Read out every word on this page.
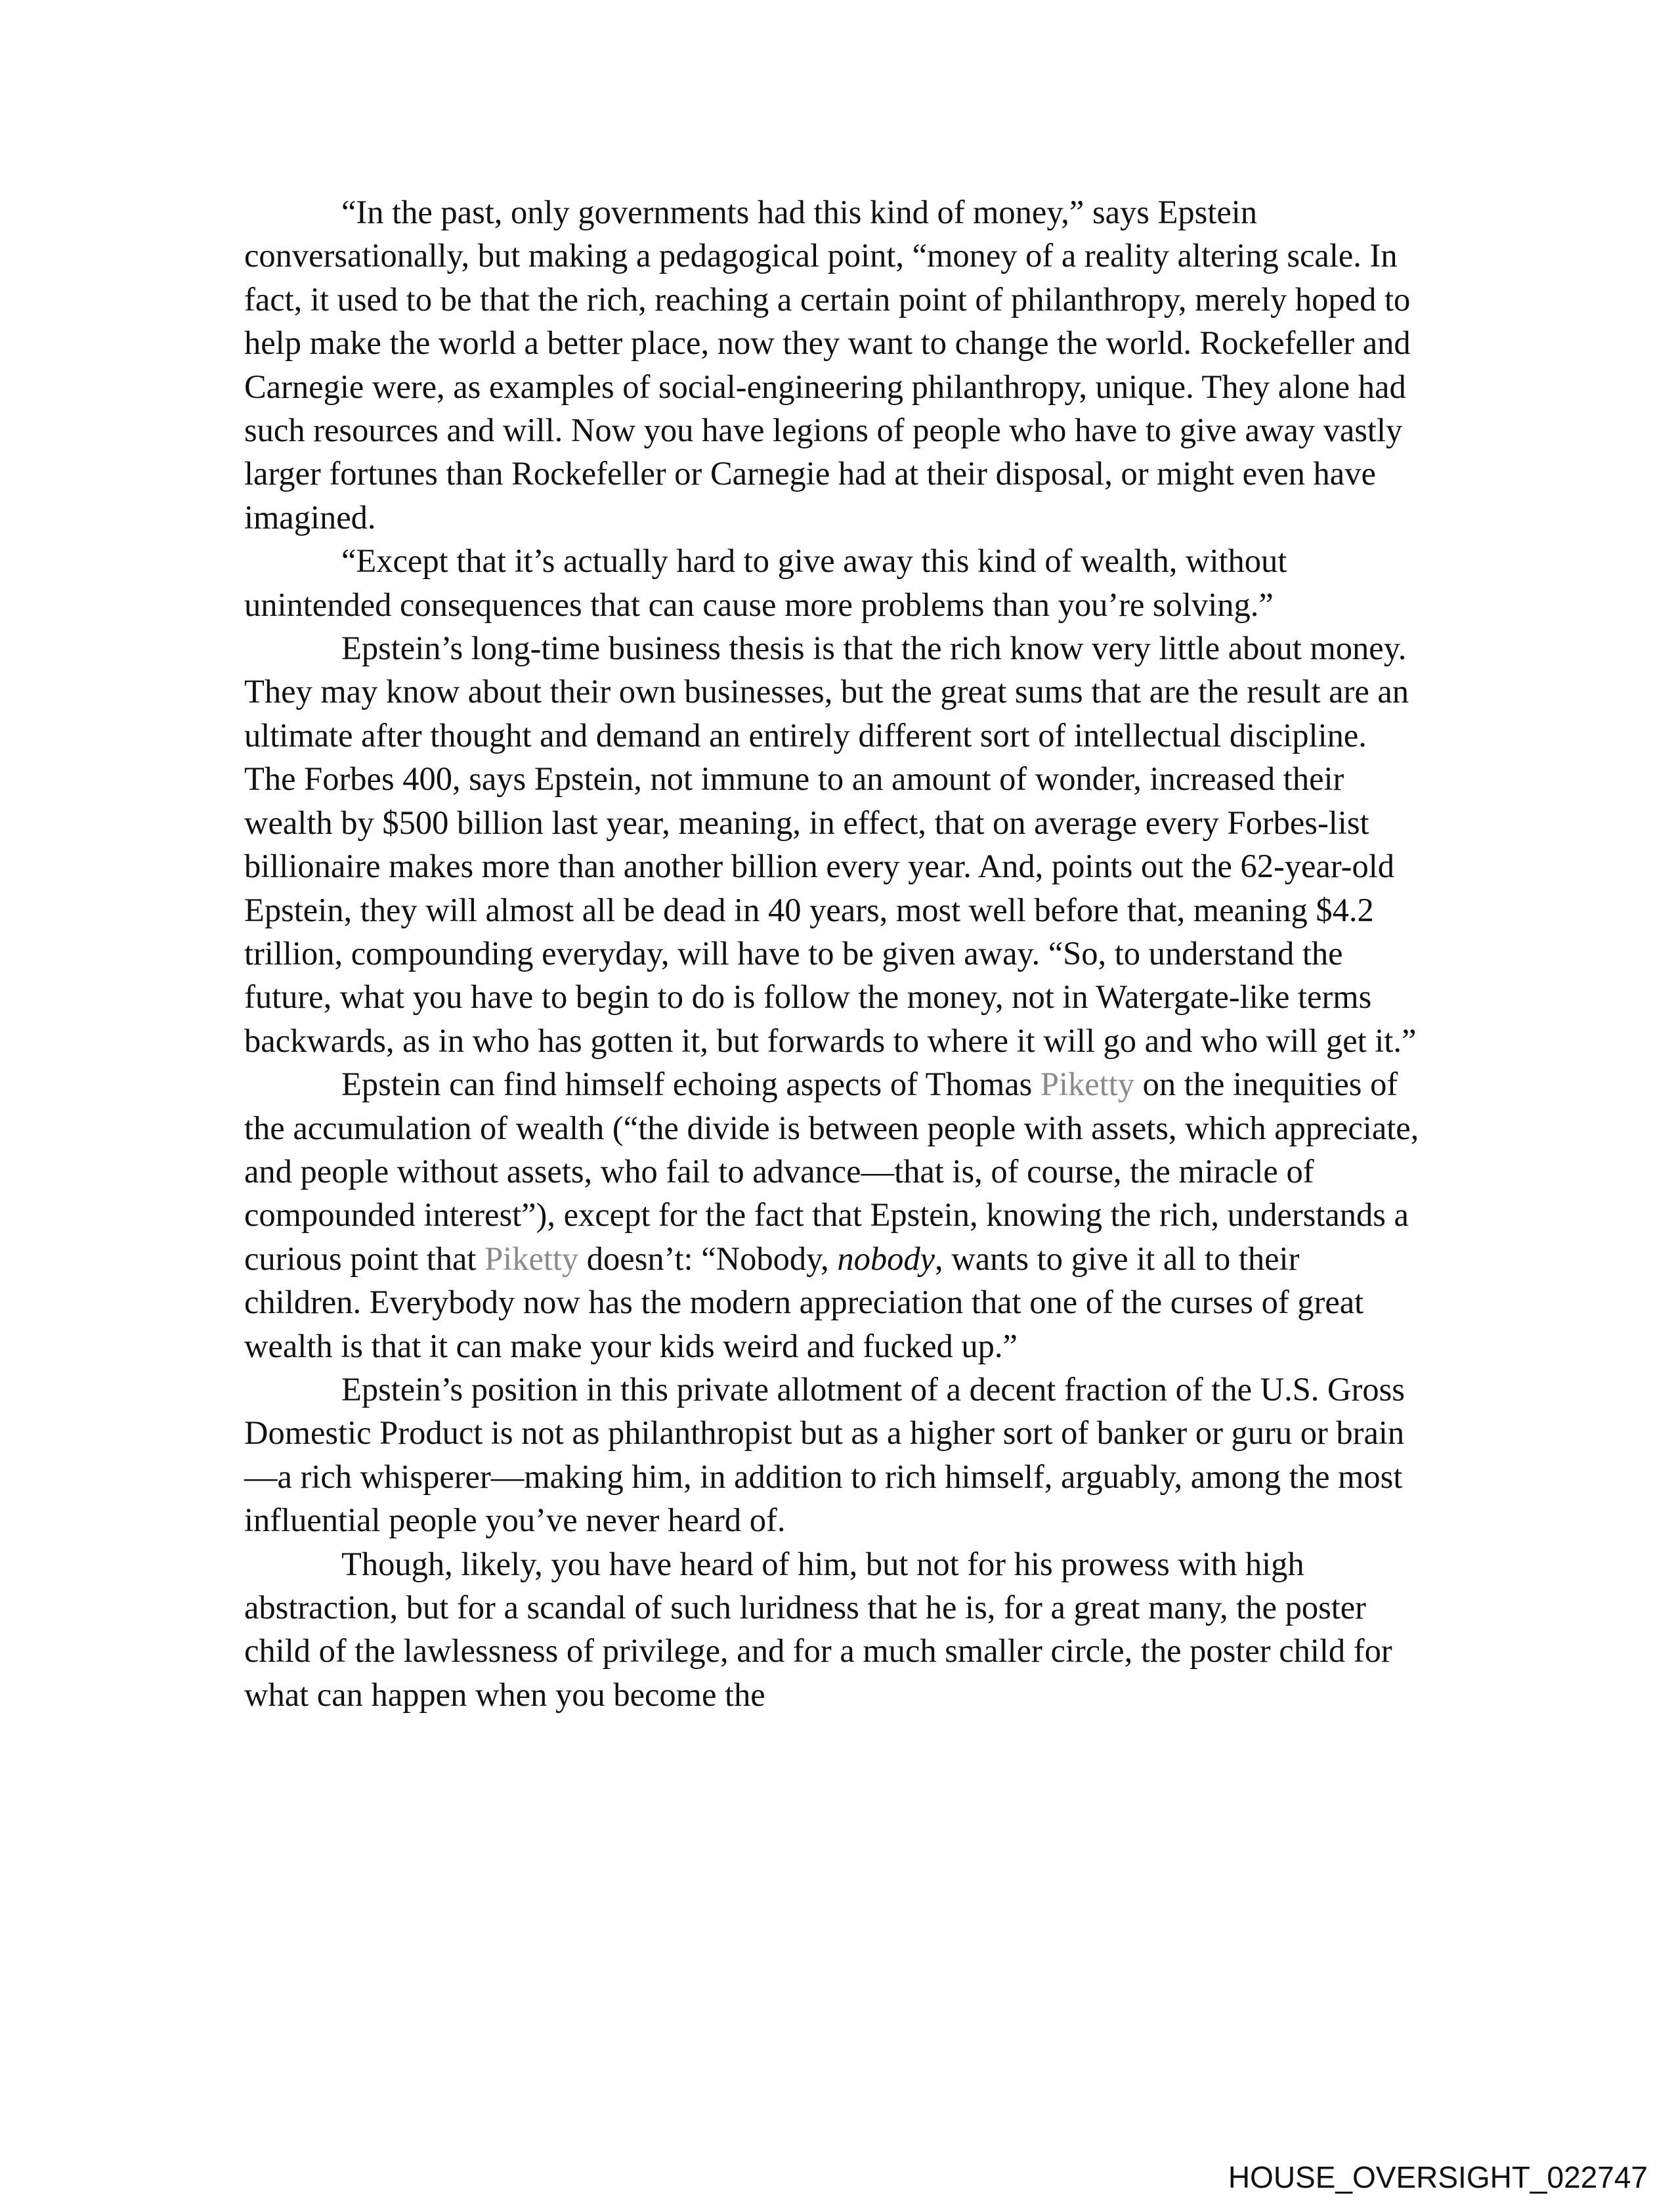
“In the past, only governments had this kind of money,” says Epstein conversationally, but making a pedagogical point, “money of a reality altering scale. In fact, it used to be that the rich, reaching a certain point of philanthropy, merely hoped to help make the world a better place, now they want to change the world. Rockefeller and Carnegie were, as examples of social-engineering philanthropy, unique. They alone had such resources and will. Now you have legions of people who have to give away vastly larger fortunes than Rockefeller or Carnegie had at their disposal, or might even have imagined.

“Except that it’s actually hard to give away this kind of wealth, without unintended consequences that can cause more problems than you’re solving.”

Epstein’s long-time business thesis is that the rich know very little about money. They may know about their own businesses, but the great sums that are the result are an ultimate after thought and demand an entirely different sort of intellectual discipline. The Forbes 400, says Epstein, not immune to an amount of wonder, increased their wealth by $500 billion last year, meaning, in effect, that on average every Forbes-list billionaire makes more than another billion every year. And, points out the 62-year-old Epstein, they will almost all be dead in 40 years, most well before that, meaning $4.2 trillion, compounding everyday, will have to be given away. “So, to understand the future, what you have to begin to do is follow the money, not in Watergate-like terms backwards, as in who has gotten it, but forwards to where it will go and who will get it.”

Epstein can find himself echoing aspects of Thomas Piketty on the inequities of the accumulation of wealth (“the divide is between people with assets, which appreciate, and people without assets, who fail to advance—that is, of course, the miracle of compounded interest”), except for the fact that Epstein, knowing the rich, understands a curious point that Piketty doesn’t: “Nobody, nobody, wants to give it all to their children. Everybody now has the modern appreciation that one of the curses of great wealth is that it can make your kids weird and fucked up.”

Epstein’s position in this private allotment of a decent fraction of the U.S. Gross Domestic Product is not as philanthropist but as a higher sort of banker or guru or brain—a rich whisperer—making him, in addition to rich himself, arguably, among the most influential people you’ve never heard of.

Though, likely, you have heard of him, but not for his prowess with high abstraction, but for a scandal of such luridness that he is, for a great many, the poster child of the lawlessness of privilege, and for a much smaller circle, the poster child for what can happen when you become the

HOUSE_OVERSIGHT_022747
